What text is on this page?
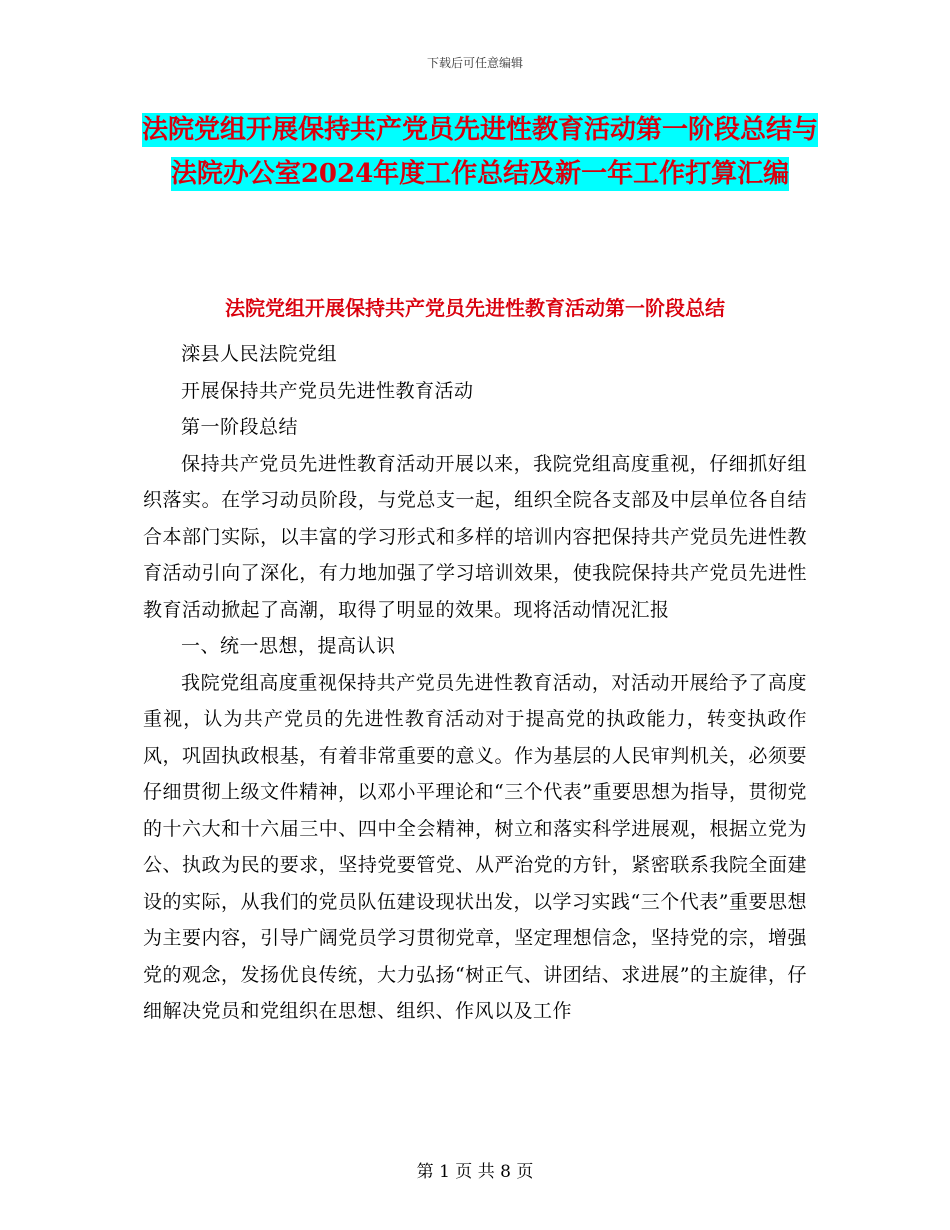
下载后可任意编辑
法院党组开展保持共产党员先进性教育活动第一阶段总结与法院办公室2024年度工作总结及新一年工作打算汇编
法院党组开展保持共产党员先进性教育活动第一阶段总结

滦县人民法院党组

开展保持共产党员先进性教育活动

第一阶段总结

保持共产党员先进性教育活动开展以来，我院党组高度重视，仔细抓好组织落实。在学习动员阶段，与党总支一起，组织全院各支部及中层单位各自结合本部门实际，以丰富的学习形式和多样的培训内容把保持共产党员先进性教育活动引向了深化，有力地加强了学习培训效果，使我院保持共产党员先进性教育活动掀起了高潮，取得了明显的效果。现将活动情况汇报

一、统一思想，提高认识

我院党组高度重视保持共产党员先进性教育活动，对活动开展给予了高度重视，认为共产党员的先进性教育活动对于提高党的执政能力，转变执政作风，巩固执政根基，有着非常重要的意义。作为基层的人民审判机关，必须要仔细贯彻上级文件精神，以邓小平理论和“三个代表”重要思想为指导，贯彻党的十六大和十六届三中、四中全会精神，树立和落实科学进展观，根据立党为公、执政为民的要求，坚持党要管党、从严治党的方针，紧密联系我院全面建设的实际，从我们的党员队伍建设现状出发，以学习实践“三个代表”重要思想为主要内容，引导广阔党员学习贯彻党章，坚定理想信念，坚持党的宗，增强党的观念，发扬优良传统，大力弘扬“树正气、讲团结、求进展”的主旋律，仔细解决党员和党组织在思想、组织、作风以及工作

第 1 页 共 8 页
